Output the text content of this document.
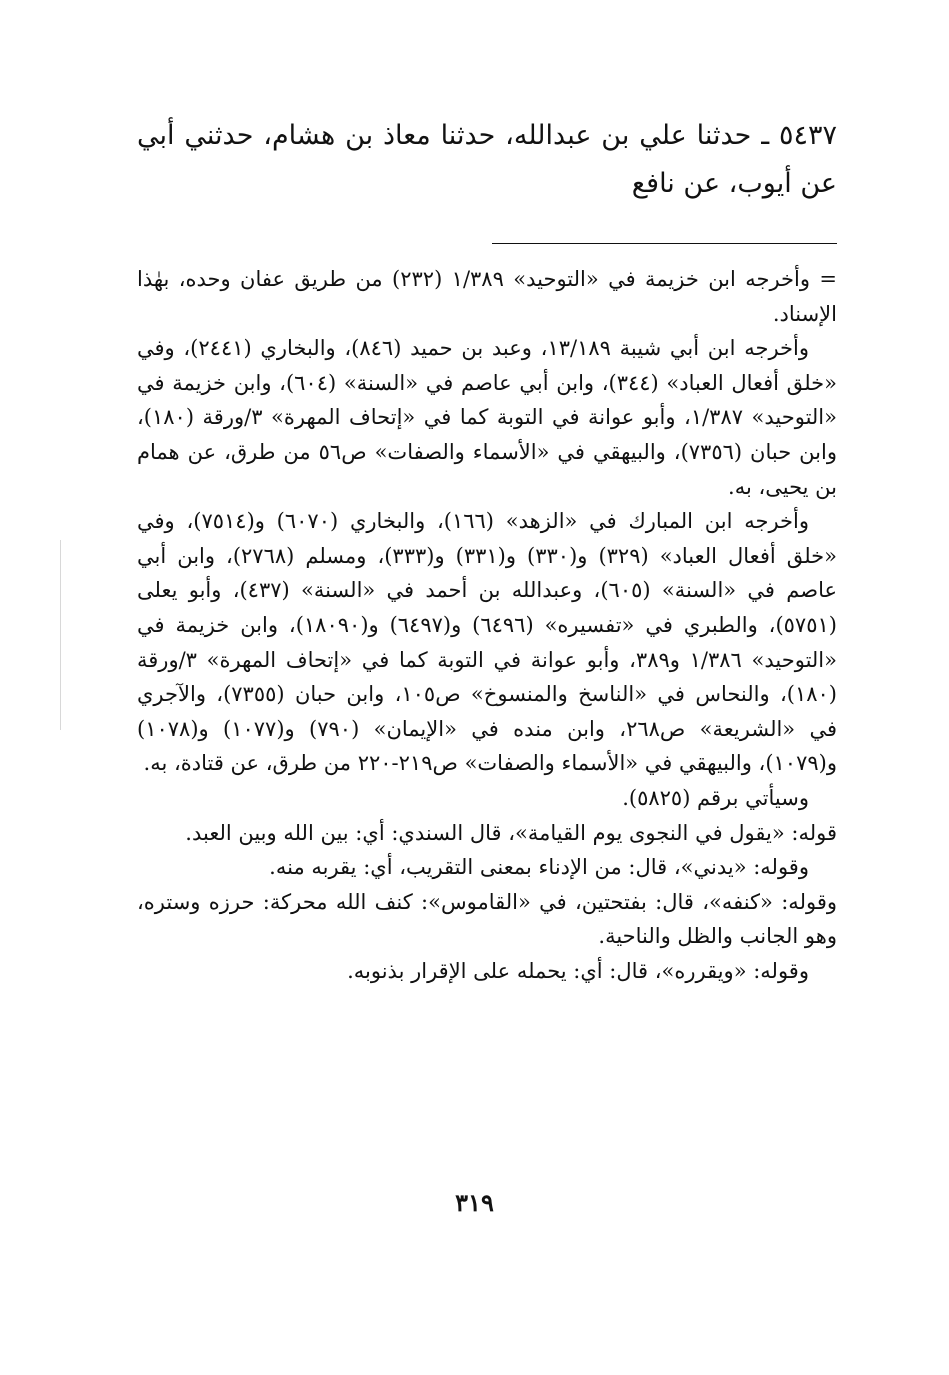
٥٤٣٧ ـ حدثنا علي بن عبدالله، حدثنا معاذ بن هشام، حدثني أبي عن أيوب، عن نافع

= وأخرجه ابن خزيمة في «التوحيد» ١/٣٨٩ (٢٣٢) من طريق عفان وحده، بهٰذا الإسناد.

وأخرجه ابن أبي شيبة ١٣/١٨٩، وعبد بن حميد (٨٤٦)، والبخاري (٢٤٤١)، وفي «خلق أفعال العباد» (٣٤٤)، وابن أبي عاصم في «السنة» (٦٠٤)، وابن خزيمة في «التوحيد» ١/٣٨٧، وأبو عوانة في التوبة كما في «إتحاف المهرة» ٣/ورقة (١٨٠)، وابن حبان (٧٣٥٦)، والبيهقي في «الأسماء والصفات» ص٥٦ من طرق، عن همام بن يحيى، به.

وأخرجه ابن المبارك في «الزهد» (١٦٦)، والبخاري (٦٠٧٠) و(٧٥١٤)، وفي «خلق أفعال العباد» (٣٢٩) و(٣٣٠) و(٣٣١) و(٣٣٣)، ومسلم (٢٧٦٨)، وابن أبي عاصم في «السنة» (٦٠٥)، وعبدالله بن أحمد في «السنة» (٤٣٧)، وأبو يعلى (٥٧٥١)، والطبري في «تفسيره» (٦٤٩٦) و(٦٤٩٧) و(١٨٠٩٠)، وابن خزيمة في «التوحيد» ١/٣٨٦ و٣٨٩، وأبو عوانة في التوبة كما في «إتحاف المهرة» ٣/ورقة (١٨٠)، والنحاس في «الناسخ والمنسوخ» ص١٠٥، وابن حبان (٧٣٥٥)، والآجري في «الشريعة» ص٢٦٨، وابن منده في «الإيمان» (٧٩٠) و(١٠٧٧) و(١٠٧٨) و(١٠٧٩)، والبيهقي في «الأسماء والصفات» ص٢١٩-٢٢٠ من طرق، عن قتادة، به.

وسيأتي برقم (٥٨٢٥).

قوله: «يقول في النجوى يوم القيامة»، قال السندي: أي: بين الله وبين العبد.

وقوله: «يدني»، قال: من الإدناء بمعنى التقريب، أي: يقربه منه.

وقوله: «كنفه»، قال: بفتحتين، في «القاموس»: كنف الله محركة: حرزه وستره، وهو الجانب والظل والناحية.

وقوله: «ويقرره»، قال: أي: يحمله على الإقرار بذنوبه.

٣١٩
